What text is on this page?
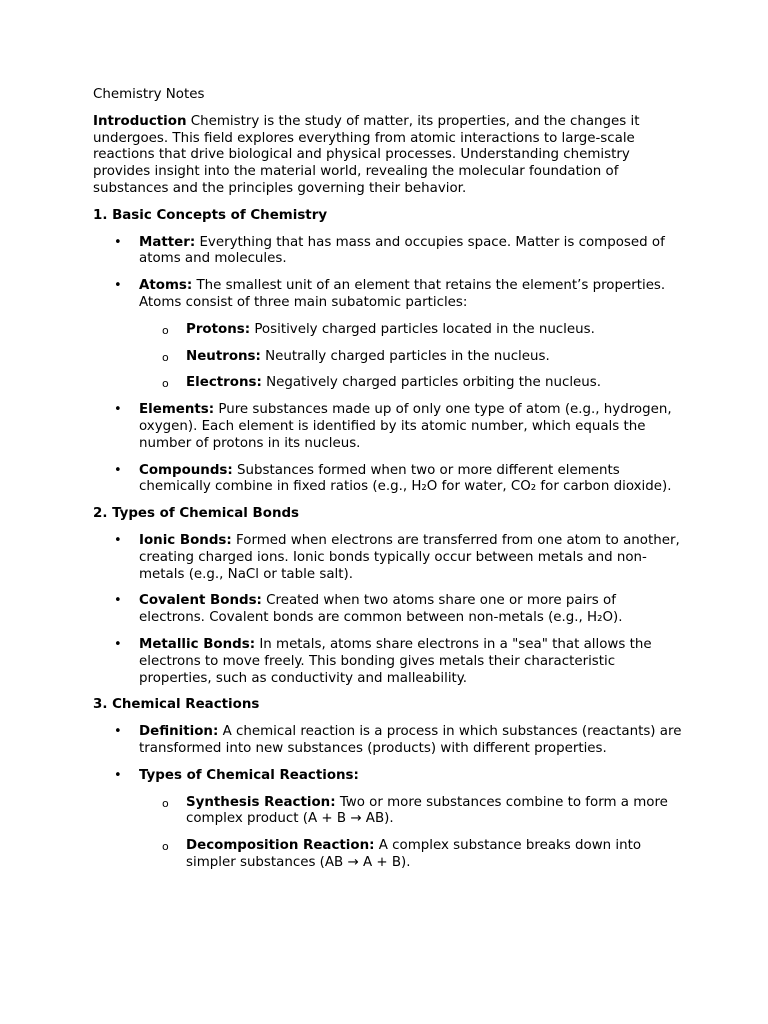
Chemistry Notes

Introduction Chemistry is the study of matter, its properties, and the changes it undergoes. This field explores everything from atomic interactions to large-scale reactions that drive biological and physical processes. Understanding chemistry provides insight into the material world, revealing the molecular foundation of substances and the principles governing their behavior.

1. Basic Concepts of Chemistry
• Matter: Everything that has mass and occupies space. Matter is composed of atoms and molecules.
• Atoms: The smallest unit of an element that retains the element’s properties. Atoms consist of three main subatomic particles:
o Protons: Positively charged particles located in the nucleus.
o Neutrons: Neutrally charged particles in the nucleus.
o Electrons: Negatively charged particles orbiting the nucleus.
• Elements: Pure substances made up of only one type of atom (e.g., hydrogen, oxygen). Each element is identified by its atomic number, which equals the number of protons in its nucleus.
• Compounds: Substances formed when two or more different elements chemically combine in fixed ratios (e.g., H₂O for water, CO₂ for carbon dioxide).
2. Types of Chemical Bonds
• Ionic Bonds: Formed when electrons are transferred from one atom to another, creating charged ions. Ionic bonds typically occur between metals and non-metals (e.g., NaCl or table salt).
• Covalent Bonds: Created when two atoms share one or more pairs of electrons. Covalent bonds are common between non-metals (e.g., H₂O).
• Metallic Bonds: In metals, atoms share electrons in a "sea" that allows the electrons to move freely. This bonding gives metals their characteristic properties, such as conductivity and malleability.
3. Chemical Reactions
• Definition: A chemical reaction is a process in which substances (reactants) are transformed into new substances (products) with different properties.
• Types of Chemical Reactions:
o Synthesis Reaction: Two or more substances combine to form a more complex product (A + B → AB).
o Decomposition Reaction: A complex substance breaks down into simpler substances (AB → A + B).
